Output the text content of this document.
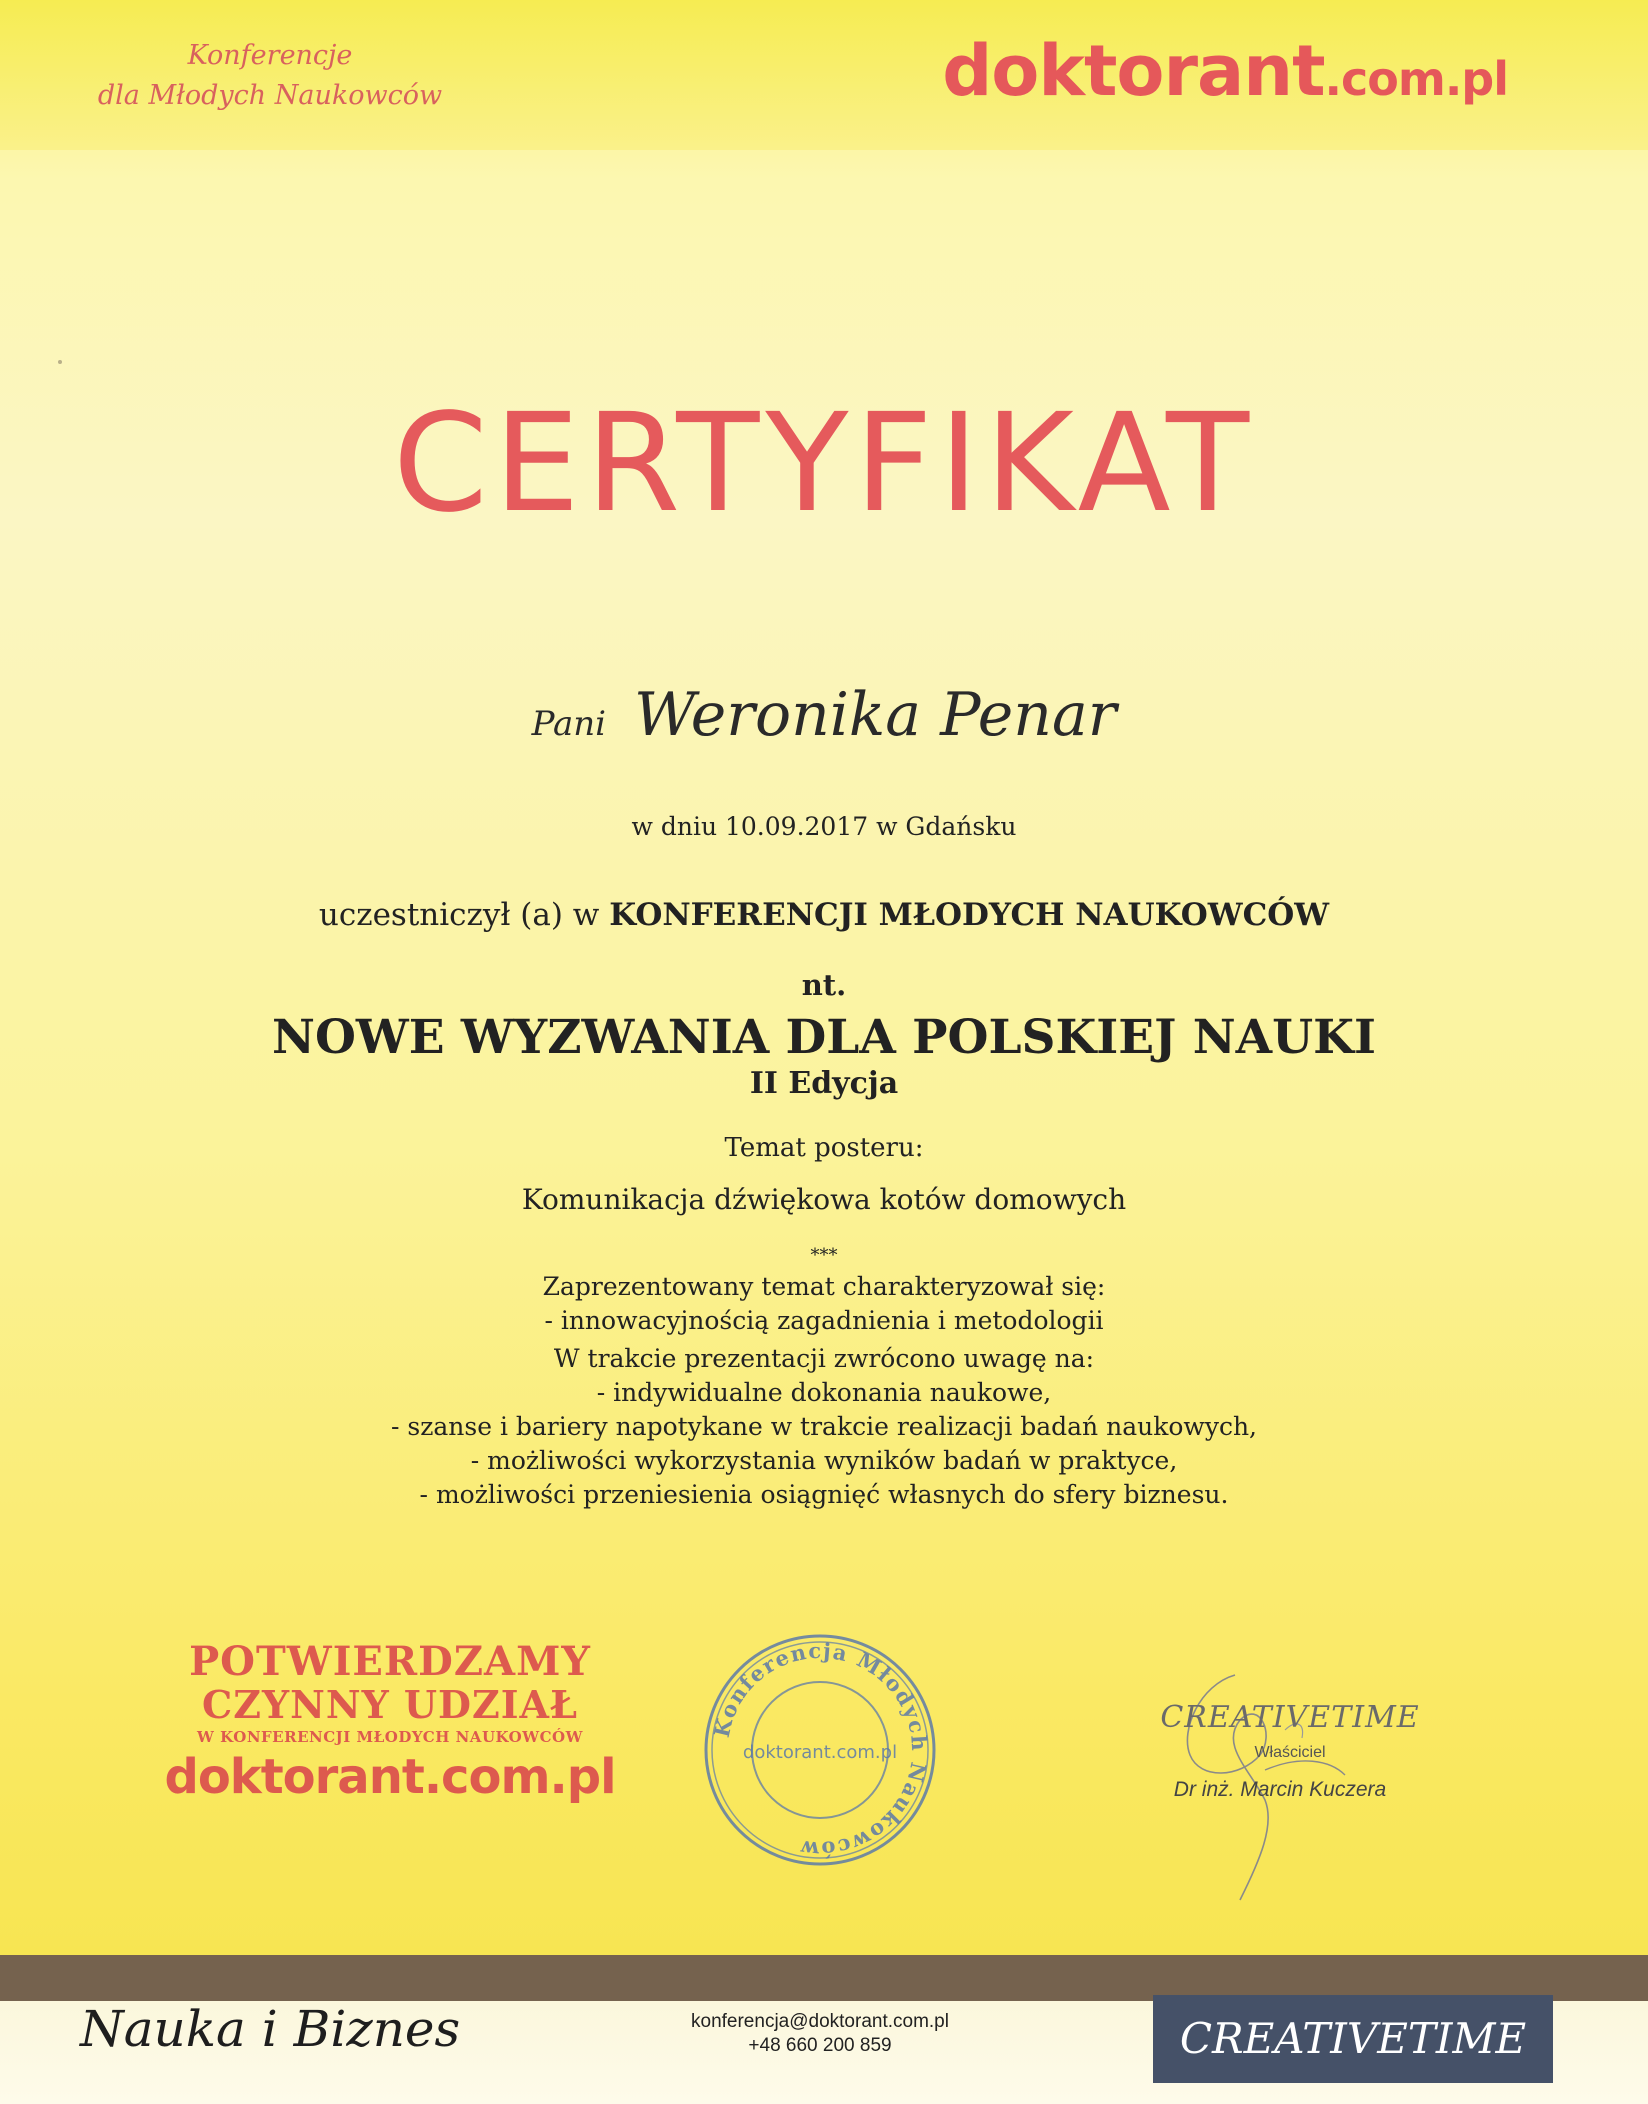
Konferencje
dla Młodych Naukowców	doktorant.com.pl
CERTYFIKAT
Pani Weronika Penar
w dniu 10.09.2017 w Gdańsku
uczestniczył (a) w KONFERENCJI MŁODYCH NAUKOWCÓW
nt.
NOWE WYZWANIA DLA POLSKIEJ NAUKI
II Edycja
Temat posteru:
Komunikacja dźwiękowa kotów domowych
***
Zaprezentowany temat charakteryzował się:
- innowacyjnością zagadnienia i metodologii
W trakcie prezentacji zwrócono uwagę na:
- indywidualne dokonania naukowe,
- szanse i bariery napotykane w trakcie realizacji badań naukowych,
- możliwości wykorzystania wyników badań w praktyce,
- możliwości przeniesienia osiągnięć własnych do sfery biznesu.
POTWIERDZAMY
CZYNNY UDZIAŁ
W KONFERENCJI MŁODYCH NAUKOWCÓW
doktorant.com.pl
Konferencja Młodych Naukowców
doktorant.com.pl
CREATIVETIME
Właściciel
Dr inż. Marcin Kuczera
Nauka i Biznes	konferencja@doktorant.com.pl
+48 660 200 859	CREATIVETIME
